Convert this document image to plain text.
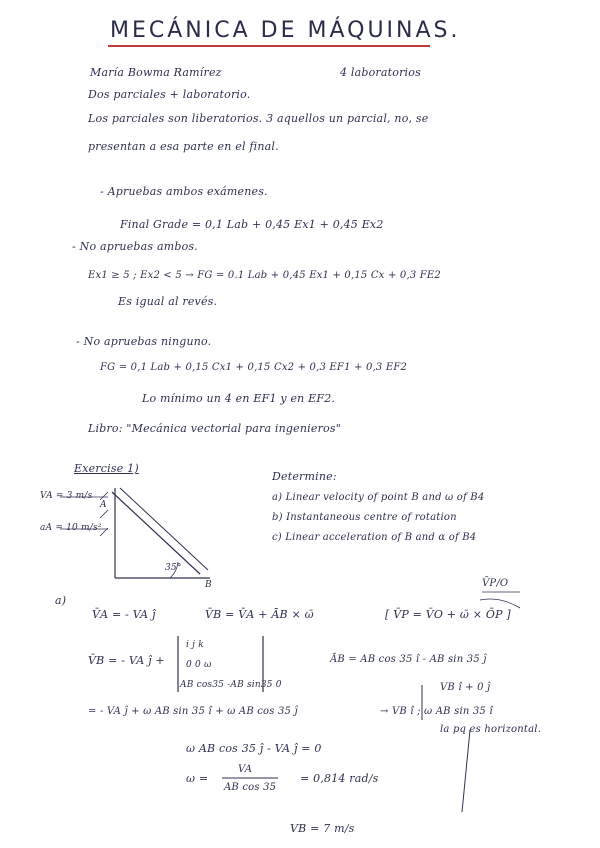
MECÁNICA DE MÁQUINAS.
María Bowma Ramírez	4 laboratorios
Dos parciales + laboratorio.
Los parciales son liberatorios. 3 aquellos un parcial, no, se
presentan a esa parte en el final.
- Apruebas ambos exámenes.
Final Grade = 0,1 Lab + 0,45 Ex1 + 0,45 Ex2
- No apruebas ambos.
Ex1 ≥ 5 ; Ex2 < 5 → FG = 0.1 Lab + 0,45 Ex1 + 0,15 Cx + 0,3 FE2
Es igual al revés.
- No apruebas ninguno.
FG = 0,1 Lab + 0,15 Cx1 + 0,15 Cx2 + 0,3 EF1 + 0,3 EF2
Lo mínimo un 4 en EF1 y en EF2.
Libro: "Mecánica vectorial para ingenieros"
Exercise 1)
VA = 3 m/s
aA = 10 m/s²
A
B
35°
Determine:
a) Linear velocity of point B and ω of B4
b) Instantaneous centre of rotation
c) Linear acceleration of B and α of B4
a)
V̄A = - VA ĵ	V̄B = V̄A + ĀB × ω̄	[ V̄P = V̄O + ω̄ × ŌP ]
V̄P/O
V̄B = - VA ĵ +
i j k
0 0 ω
AB cos35 -AB sin35 0
ĀB = AB cos 35 î - AB sin 35 ĵ
= - VA ĵ + ω AB sin 35 î + ω AB cos 35 ĵ	→ VB î ; ω AB sin 35 î
VB î + 0 ĵ
la pq es horizontal.
ω AB cos 35 ĵ - VA ĵ = 0
ω =
VA
AB cos 35
= 0,814 rad/s
VB = 7 m/s
